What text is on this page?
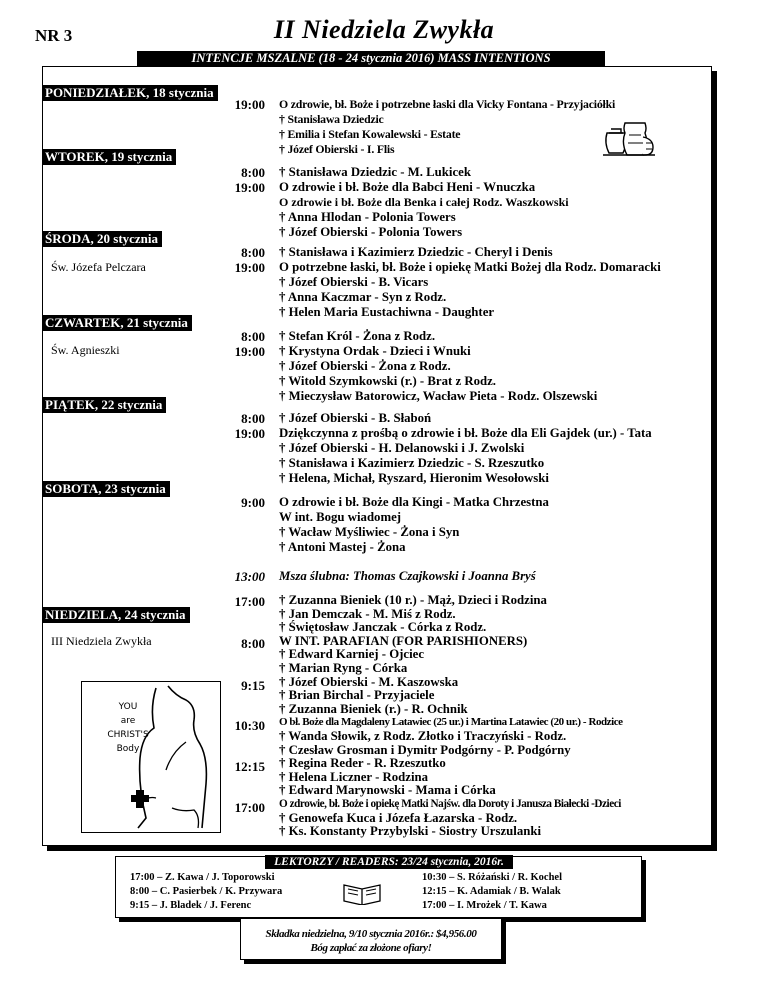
NR 3	II Niedziela Zwykła
INTENCJE MSZALNE (18 - 24 stycznia 2016) MASS INTENTIONS
PONIEDZIAŁEK, 18 stycznia
19:00 O zdrowie, bł. Boże i potrzebne łaski dla Vicky Fontana - Przyjaciółki
† Stanisława Dziedzic
† Emilia i Stefan Kowalewski - Estate
† Józef Obierski - I. Flis
WTOREK, 19 stycznia
8:00
19:00
† Stanisława Dziedzic - M. Lukicek
O zdrowie i bł. Boże dla Babci Heni - Wnuczka
O zdrowie i bł. Boże dla Benka i całej Rodz. Waszkowski
† Anna Hlodan - Polonia Towers
† Józef Obierski - Polonia Towers
ŚRODA, 20 stycznia
Św. Józefa Pelczara
8:00
19:00
† Stanisława i Kazimierz Dziedzic - Cheryl i Denis
O potrzebne łaski, bł. Boże i opiekę Matki Bożej dla Rodz. Domaracki
† Józef Obierski - B. Vicars
† Anna Kaczmar - Syn z Rodz.
† Helen Maria Eustachiwna - Daughter
CZWARTEK, 21 stycznia
Św. Agnieszki
8:00
19:00
† Stefan Król - Żona z Rodz.
† Krystyna Ordak - Dzieci i Wnuki
† Józef Obierski - Żona z Rodz.
† Witold Szymkowski (r.) - Brat z Rodz.
† Mieczysław Batorowicz, Wacław Pieta - Rodz. Olszewski
PIĄTEK, 22 stycznia
8:00
19:00
† Józef Obierski - B. Słaboń
Dziękczynna z prośbą o zdrowie i bł. Boże dla Eli Gajdek (ur.) - Tata
† Józef Obierski - H. Delanowski i J. Zwolski
† Stanisława i Kazimierz Dziedzic - S. Rzeszutko
† Helena, Michał, Ryszard, Hieronim Wesołowski
SOBOTA, 23 stycznia
9:00 O zdrowie i bł. Boże dla Kingi - Matka Chrzestna
W int. Bogu wiadomej
† Wacław Myśliwiec - Żona i Syn
† Antoni Mastej - Żona
13:00 Msza ślubna: Thomas Czajkowski i Joanna Bryś
NIEDZIELA, 24 stycznia
III Niedziela Zwykła
17:00
8:00
9:15
10:30
12:15
17:00
† Zuzanna Bieniek (10 r.) - Mąż, Dzieci i Rodzina
† Jan Demczak - M. Miś z Rodz.
† Świętosław Janczak - Córka z Rodz.
W INT. PARAFIAN (FOR PARISHIONERS)
† Edward Karniej - Ojciec
† Marian Ryng - Córka
† Józef Obierski - M. Kaszowska
† Brian Birchal - Przyjaciele
† Zuzanna Bieniek (r.) - R. Ochnik
O bł. Boże dla Magdaleny Latawiec (25 ur.) i Martina Latawiec (20 ur.) - Rodzice
† Wanda Słowik, z Rodz. Złotko i Traczyński - Rodz.
† Czesław Grosman i Dymitr Podgórny - P. Podgórny
† Regina Reder - R. Rzeszutko
† Helena Liczner - Rodzina
† Edward Marynowski - Mama i Córka
O zdrowie, bł. Boże i opiekę Matki Najśw. dla Doroty i Janusza Białecki -Dzieci
† Genowefa Kuca i Józefa Łazarska - Rodz.
† Ks. Konstanty Przybylski - Siostry Urszulanki
YOU
are
CHRIST'S
Body
17:00 – Z. Kawa / J. Toporowski
8:00 – C. Pasierbek / K. Przywara
9:15 – J. Bladek / J. Ferenc
10:30 – S. Różański / R. Kochel
12:15 – K. Adamiak / B. Walak
17:00 – I. Mrożek / T. Kawa
LEKTORZY / READERS: 23/24 stycznia, 2016r.
Składka niedzielna, 9/10 stycznia 2016r.: $4,956.00
Bóg zapłać za złożone ofiary!
